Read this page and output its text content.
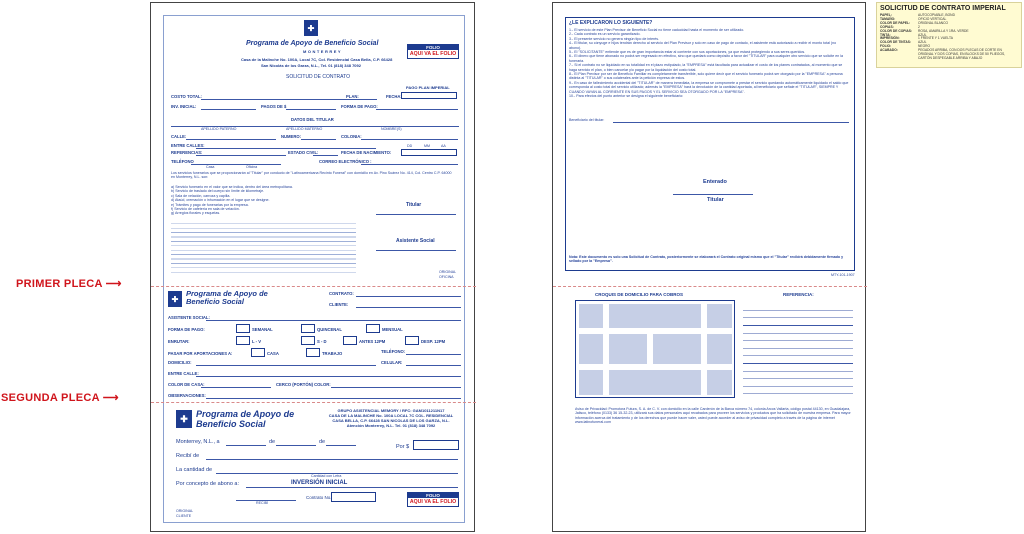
PRIMER PLECA ⟶
SEGUNDA PLECA ⟶
✚
Programa de Apoyo de Beneficio Social
MONTERREY
Casa de la Malinche No. 100A, Local 7C, Col. Residencial Casa Bella, C.P. 66428
San Nicolás de los Garza, N.L., Tel. 01 (818) 348 7092
SOLICITUD DE CONTRATO
FOLIO
AQUI VA EL FOLIO
PAGO PLAN IMPERIAL
COSTO TOTAL:	FECHA:
PLAN:
INV. INICIAL:	PAGOS DE $	FORMA DE PAGO:
DATOS DEL TITULAR
APELLIDO PATERNO	APELLIDO MATERNO	NOMBRE(S)
CALLE:	NUMERO:	COLONIA:
ENTRE CALLES:	DD	MM	AA
REFERENCIAS:	ESTADO CIVIL:	FECHA DE NACIMIENTO:
TELÉFONO
Casa	Oficina
CORREO ELECTRÓNICO :
Los servicios funerarios que se proporcionarán al "Titular" por conducto de "Latinoamericana Recinto Funeral" con domicilio en Av. Pino Suárez No. 414, Col. Centro C.P. 64000 en Monterrey, N.L. son:
a) Servicio funerario en el valor que se indica, dentro del área metropolitana.
b) Servicio de traslado del cuerpo sin límite de kilometraje.
c) Sala de velación, carroza y capilla.
d) Ataúd, cremación o inhumación en el lugar que se designe.
e) Trámites y pago de funerarias por la empresa.
f) Servicio de cafetería en sala de velación.
g) Arreglos florales y esquelas.
Titular
Asistente Social
ORIGINAL
OFICINA
✚
Programa de Apoyo de Beneficio Social
CONTRATO:
CLIENTE:
ASISTENTE SOCIAL:
FORMA DE PAGO:	SEMANAL	QUINCENAL	MENSUAL
ENRUTAR:	L - V	S - D	ANTES 12PM	DESP. 12PM
PASAR POR APORTACIONES A:	CASA	TRABAJO	TELÉFONO:
DOMICILIO:	CELULAR:
ENTRE CALLE:
COLOR DE CASA:	CERCO (PORTÓN) COLOR:
OBSERVACIONES:
✚ Programa de Apoyo de Beneficio Social
GRUPO ASISTENCIAL MEMORY / RFC: GAM1011211N17
CASA DE LA MALINCHE No. 100A LOCAL 7C COL. RESIDENCIAL
CASA BELLA, C.P. 66428 SAN NICOLAS DE LOS GARZA, N.L.
Atención Monterrey, N.L. Tel. 01 (818) 348 7092
Monterrey, N.L., a	de	de
Por $
Recibí de
La cantidad de
Cantidad con Letra
Por concepto de abono a:	INVERSIÓN INICIAL
RECIBÍ
Contrato No.	FOLIO
AQUI VA EL FOLIO
ORIGINAL
CLIENTE
¿LE EXPLICARON LO SIGUIENTE?
1.- El servicio de este Plan Previsor de Beneficio Social no tiene caducidad hasta el momento de ser utilizado.
2.- Cada contrato es un servicio garantizado.
3.- El presente servicio no genera ningún tipo de interés.
4.- El titular, su cónyuge e hijos tendrán derecho al servicio del Plan Previsor y solo en caso de pago de contado, el asistente está autorizado a recibir el monto total (no abono).
5.- El "SOLICITANTE" entiende que es de gran importancia estar al corriente con sus aportaciones, ya que estará protegiendo a sus seres queridos.
6.- El dinero que tiene abonado no podrá ser regresado en efectivo, sino que quedará como depósito a favor del "TITULAR" para cualquier otro servicio que se solicite en la funeraria.
7.- Si el contrato no se liquidado en su totalidad en el plazo estipulado, la "EMPRESA" está facultada para actualizar el costo de los planes contratados, al momento que se haga servicio el plan, o bien cancelar y/o pagar por la liquidación del costo total.
8.- El Plan Previsor por ser de Beneficio Familiar es completamente transferible, solo quiere decir que el servicio funerario podrá ser otorgado por la "EMPRESA" a persona distinta al "TITULAR" o sus colaterales ante la petición expresa de estos.
9.- En caso de fallecimiento accidental del "TITULAR" de manera inmediata, la empresa se compromete a prestar el servicio quedando automáticamente liquidado el saldo que corresponda al costo total del servicio utilizado; además la "EMPRESA" hará la devolución de la cantidad aportada, al beneficiario que señale el "TITULAR", SIEMPRE Y CUANDO VAYAN AL CORRIENTE EN SUS PAGOS Y EL SERVICIO SEA OTORGADO POR LA "EMPRESA".
10.- Para efectos del punto anterior se designa el siguiente beneficiario:
Beneficiario del titular:
Enterado
Titular
Nota: Este documento es solo una Solicitud de Contrato, posteriormente se elaborará el Contrato original mismo que el "Titular" recibirá debidamente firmado y sellado por la "Empresa".
MTY-101-1907
CROQUIS DE DOMICILIO PARA COBROS	REFERENCIA:
Aviso de Privacidad: Promotora Futura, S. A. de C. V. con domicilio en la calle Carderón de la Barca número 74, colonia Arcos Vallarta, código postal 44130, en Guadalajara, Jalisco, teléfono (0133) 36 15-32-23, utilizará sus datos personales aquí recabados para proveer los servicios y productos que ha solicitado de nuestra empresa. Para mayor información acerca del tratamiento y de los derechos que puede hacer valer, usted puede acceder al aviso de privacidad completo a través de la página de internet www.latinofuneral.com
SOLICITUD DE CONTRATO IMPERIAL
PAPEL:	AUTOCOPIABLE, BOND
TAMAÑO:	OFICIO VERTICAL
COLOR DE PAPEL:	ORIGINAL BLANCO
COPIAS:	2
COLOR DE COPIAS:	ROSA, AMARILLA Y 1RA. VERDE
TINTA:	AZUL
IMPRESIÓN:	1 FRENTE Y 1 VUELTA
COLOR DE TINTAS:	AZUL
FOLIO:	NEGRO
ACABADO:	PEGADOS ARRIBA, CON DOS PLECAS DE CORTE EN ORIGINAL Y DOS COPIAS, EN BLOCKS DE 50 PLIEGOS, CARTÓN DESPEGABLE ARRIBA Y ABAJO
